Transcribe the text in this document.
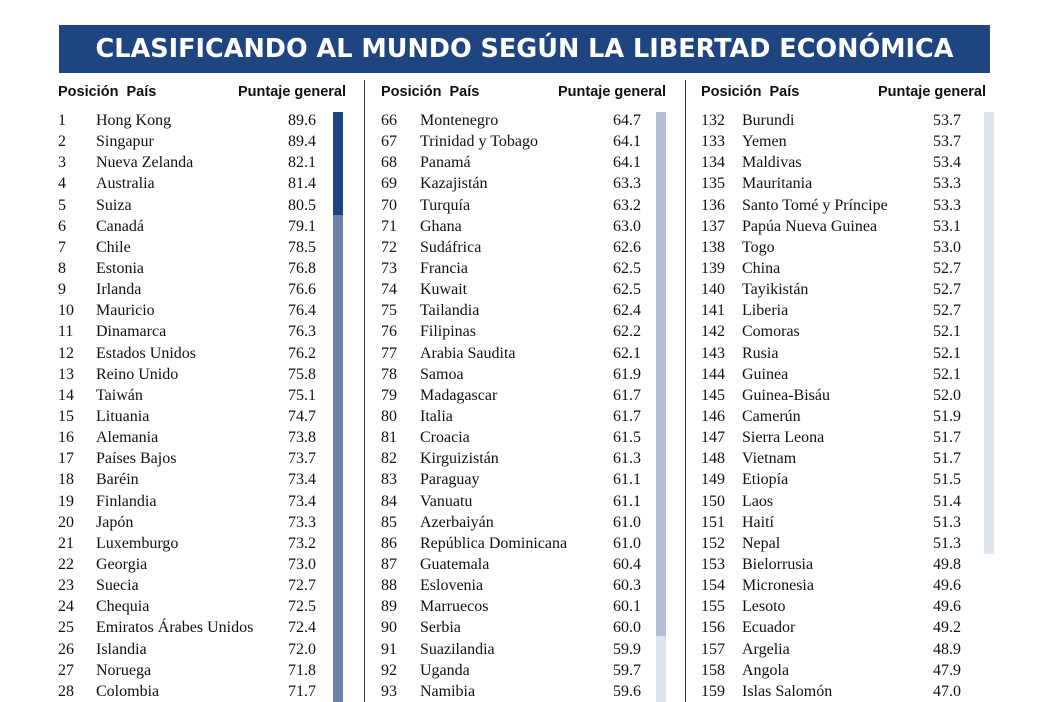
CLASIFICANDO AL MUNDO SEGÚN LA LIBERTAD ECONÓMICA
Posición País	Puntaje general
1 Hong Kong	89.6
2 Singapur	89.4
3 Nueva Zelanda	82.1
4 Australia	81.4
5 Suiza	80.5
6 Canadá	79.1
7 Chile	78.5
8 Estonia	76.8
9 Irlanda	76.6
10 Mauricio	76.4
11 Dinamarca	76.3
12 Estados Unidos	76.2
13 Reino Unido	75.8
14 Taiwán	75.1
15 Lituania	74.7
16 Alemania	73.8
17 Países Bajos	73.7
18 Baréin	73.4
19 Finlandia	73.4
20 Japón	73.3
21 Luxemburgo	73.2
22 Georgia	73.0
23 Suecia	72.7
24 Chequia	72.5
25 Emiratos Árabes Unidos	72.4
26 Islandia	72.0
27 Noruega	71.8
28 Colombia	71.7
Posición País	Puntaje general
66 Montenegro	64.7
67 Trinidad y Tobago	64.1
68 Panamá	64.1
69 Kazajistán	63.3
70 Turquía	63.2
71 Ghana	63.0
72 Sudáfrica	62.6
73 Francia	62.5
74 Kuwait	62.5
75 Tailandia	62.4
76 Filipinas	62.2
77 Arabia Saudita	62.1
78 Samoa	61.9
79 Madagascar	61.7
80 Italia	61.7
81 Croacia	61.5
82 Kirguizistán	61.3
83 Paraguay	61.1
84 Vanuatu	61.1
85 Azerbaiyán	61.0
86 República Dominicana	61.0
87 Guatemala	60.4
88 Eslovenia	60.3
89 Marruecos	60.1
90 Serbia	60.0
91 Suazilandia	59.9
92 Uganda	59.7
93 Namibia	59.6
Posición País	Puntaje general
132 Burundi	53.7
133 Yemen	53.7
134 Maldivas	53.4
135 Mauritania	53.3
136 Santo Tomé y Príncipe	53.3
137 Papúa Nueva Guinea	53.1
138 Togo	53.0
139 China	52.7
140 Tayikistán	52.7
141 Liberia	52.7
142 Comoras	52.1
143 Rusia	52.1
144 Guinea	52.1
145 Guinea-Bisáu	52.0
146 Camerún	51.9
147 Sierra Leona	51.7
148 Vietnam	51.7
149 Etiopía	51.5
150 Laos	51.4
151 Haití	51.3
152 Nepal	51.3
153 Bielorrusia	49.8
154 Micronesia	49.6
155 Lesoto	49.6
156 Ecuador	49.2
157 Argelia	48.9
158 Angola	47.9
159 Islas Salomón	47.0
